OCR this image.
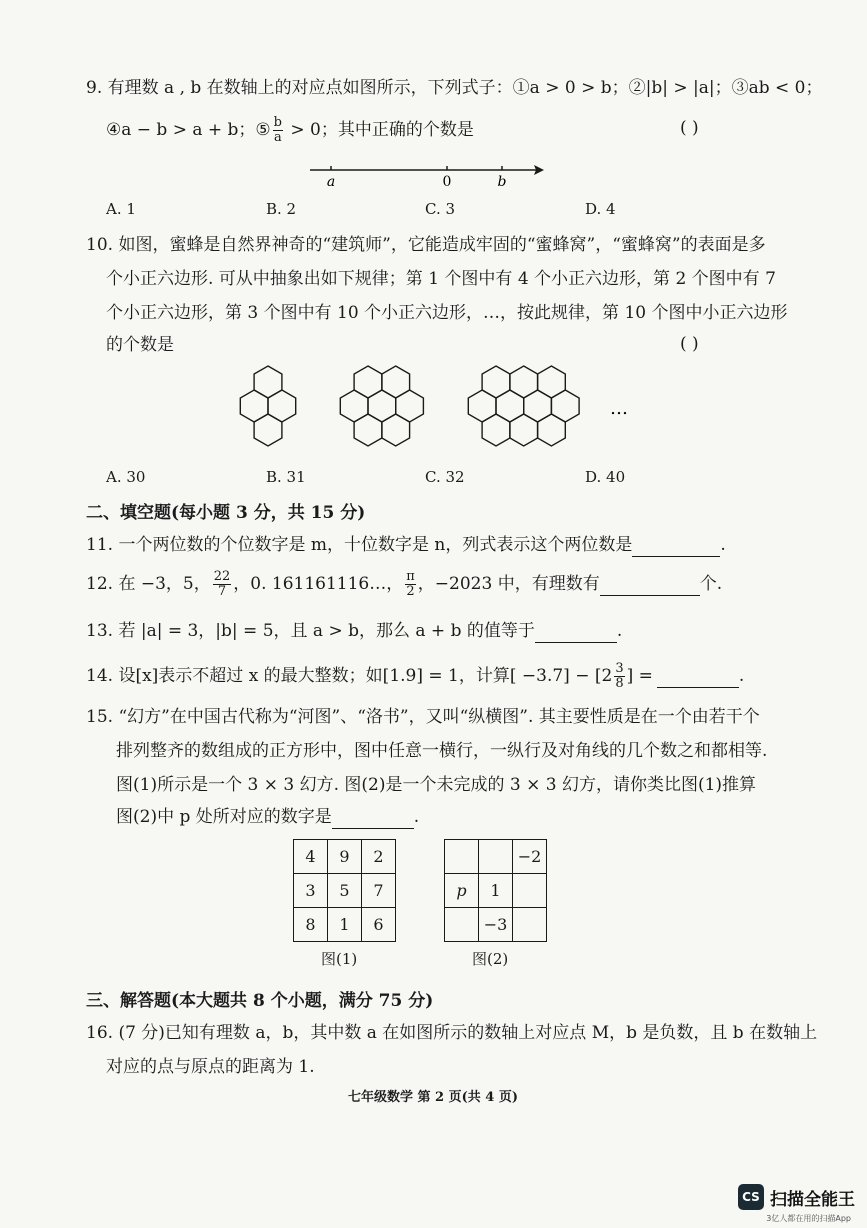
9. 有理数 a , b 在数轴上的对应点如图所示，下列式子：①a > 0 > b；②|b| > |a|；③ab < 0；
④a − b > a + b；⑤ $\frac{b}{a} > 0$；其中正确的个数是	( )
a	0	b
A. 1	B. 2	C. 3	D. 4
10. 如图，蜜蜂是自然界神奇的“建筑师”，它能造成牢固的“蜜蜂窝”，“蜜蜂窝”的表面是多
个小正六边形. 可从中抽象出如下规律；第 1 个图中有 4 个小正六边形，第 2 个图中有 7
个小正六边形，第 3 个图中有 10 个小正六边形，…，按此规律，第 10 个图中小正六边形
的个数是	( )
…
A. 30	B. 31	C. 32	D. 40
二、填空题(每小题 3 分，共 15 分)
11. 一个两位数的个位数字是 m，十位数字是 n，列式表示这个两位数是	.
12. 在 −3，5， $\frac{22}{7}$ ，0. 161161116…， $\frac{\pi}{2}$ ，−2023 中，有理数有	个.
13. 若 |a| = 3，|b| = 5，且 a > b，那么 a + b 的值等于	.
14. 设[x]表示不超过 x 的最大整数；如[1.9] = 1，计算[ $-3.7] - [2 \frac{3}{8}$ ] =	.
15. “幻方”在中国古代称为“河图”、“洛书”，又叫“纵横图”. 其主要性质是在一个由若干个
排列整齐的数组成的正方形中，图中任意一横行，一纵行及对角线的几个数之和都相等.
图(1)所示是一个 3 × 3 幻方. 图(2)是一个未完成的 3 × 3 幻方，请你类比图(1)推算
图(2)中 p 处所对应的数字是	.
4	9	2
3	5	7
8	1	6
		−2
p	1	
	−3	
图(1)	图(2)
三、解答题(本大题共 8 个小题，满分 75 分)
16. (7 分)已知有理数 a，b，其中数 a 在如图所示的数轴上对应点 M，b 是负数，且 b 在数轴上
对应的点与原点的距离为 1.
七年级数学 第 2 页(共 4 页)
CS 扫描全能王
3亿人都在用的扫描App
